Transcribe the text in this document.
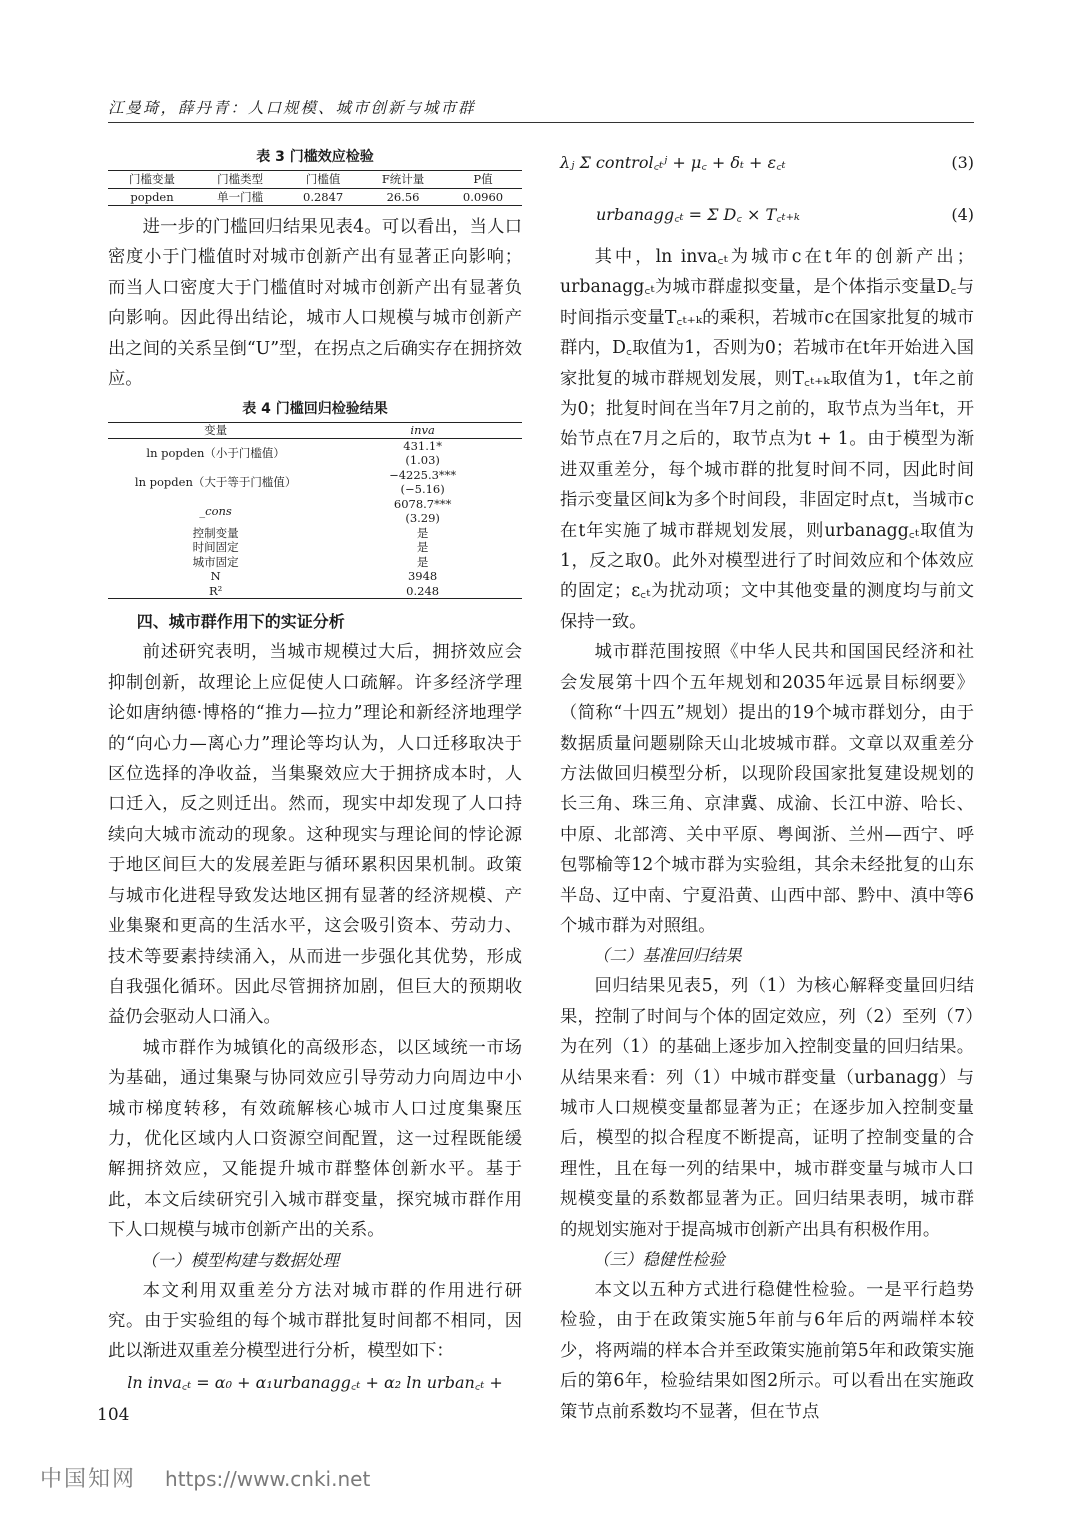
江曼琦，薛丹青：人口规模、城市创新与城市群
表 3 门槛效应检验
门槛变量	门槛类型	门槛值	F统计量	P值
popden	单一门槛	0.2847	26.56	0.0960

进一步的门槛回归结果见表4。可以看出，当人口密度小于门槛值时对城市创新产出有显著正向影响；而当人口密度大于门槛值时对城市创新产出有显著负向影响。因此得出结论，城市人口规模与城市创新产出之间的关系呈倒“U”型，在拐点之后确实存在拥挤效应。

表 4 门槛回归检验结果
变量	inva
ln popden（小于门槛值）	431.1*
(1.03)

ln popden（大于等于门槛值）	−4225.3***
(−5.16)

_cons	6078.7***
(3.29)

控制变量	是
时间固定	是
城市固定	是
N	3948
R²	0.248
四、城市群作用下的实证分析

前述研究表明，当城市规模过大后，拥挤效应会抑制创新，故理论上应促使人口疏解。许多经济学理论如唐纳德·博格的“推力—拉力”理论和新经济地理学的“向心力—离心力”理论等均认为，人口迁移取决于区位选择的净收益，当集聚效应大于拥挤成本时，人口迁入，反之则迁出。然而，现实中却发现了人口持续向大城市流动的现象。这种现实与理论间的悖论源于地区间巨大的发展差距与循环累积因果机制。政策与城市化进程导致发达地区拥有显著的经济规模、产业集聚和更高的生活水平，这会吸引资本、劳动力、技术等要素持续涌入，从而进一步强化其优势，形成自我强化循环。因此尽管拥挤加剧，但巨大的预期收益仍会驱动人口涌入。

城市群作为城镇化的高级形态，以区域统一市场为基础，通过集聚与协同效应引导劳动力向周边中小城市梯度转移，有效疏解核心城市人口过度集聚压力，优化区域内人口资源空间配置，这一过程既能缓解拥挤效应，又能提升城市群整体创新水平。基于此，本文后续研究引入城市群变量，探究城市群作用下人口规模与城市创新产出的关系。

（一）模型构建与数据处理

本文利用双重差分方法对城市群的作用进行研究。由于实验组的每个城市群批复时间都不相同，因此以渐进双重差分模型进行分析，模型如下：

ln inva꜀ₜ = α₀ + α₁urbanagg꜀ₜ + α₂ ln urban꜀ₜ +
λⱼ Σ control꜀ₜʲ + μ꜀ + δₜ + ε꜀ₜ	(3)
urbanagg꜀ₜ = Σ D꜀ × T꜀ₜ₊ₖ	(4)

其中，ln inva꜀ₜ为城市c在t年的创新产出；urbanagg꜀ₜ为城市群虚拟变量，是个体指示变量D꜀与时间指示变量T꜀ₜ₊ₖ的乘积，若城市c在国家批复的城市群内，D꜀取值为1，否则为0；若城市在t年开始进入国家批复的城市群规划发展，则T꜀ₜ₊ₖ取值为1，t年之前为0；批复时间在当年7月之前的，取节点为当年t，开始节点在7月之后的，取节点为t + 1。由于模型为渐进双重差分，每个城市群的批复时间不同，因此时间指示变量区间k为多个时间段，非固定时点t，当城市c在t年实施了城市群规划发展，则urbanagg꜀ₜ取值为1，反之取0。此外对模型进行了时间效应和个体效应的固定；ε꜀ₜ为扰动项；文中其他变量的测度均与前文保持一致。

城市群范围按照《中华人民共和国国民经济和社会发展第十四个五年规划和2035年远景目标纲要》（简称“十四五”规划）提出的19个城市群划分，由于数据质量问题剔除天山北坡城市群。文章以双重差分方法做回归模型分析，以现阶段国家批复建设规划的长三角、珠三角、京津冀、成渝、长江中游、哈长、中原、北部湾、关中平原、粤闽浙、兰州—西宁、呼包鄂榆等12个城市群为实验组，其余未经批复的山东半岛、辽中南、宁夏沿黄、山西中部、黔中、滇中等6个城市群为对照组。

（二）基准回归结果

回归结果见表5，列（1）为核心解释变量回归结果，控制了时间与个体的固定效应，列（2）至列（7）为在列（1）的基础上逐步加入控制变量的回归结果。从结果来看：列（1）中城市群变量（urbanagg）与城市人口规模变量都显著为正；在逐步加入控制变量后，模型的拟合程度不断提高，证明了控制变量的合理性，且在每一列的结果中，城市群变量与城市人口规模变量的系数都显著为正。回归结果表明，城市群的规划实施对于提高城市创新产出具有积极作用。

（三）稳健性检验

本文以五种方式进行稳健性检验。一是平行趋势检验，由于在政策实施5年前与6年后的两端样本较少，将两端的样本合并至政策实施前第5年和政策实施后的第6年，检验结果如图2所示。可以看出在实施政策节点前系数均不显著，但在节点

104
中国知网 https://www.cnki.net
